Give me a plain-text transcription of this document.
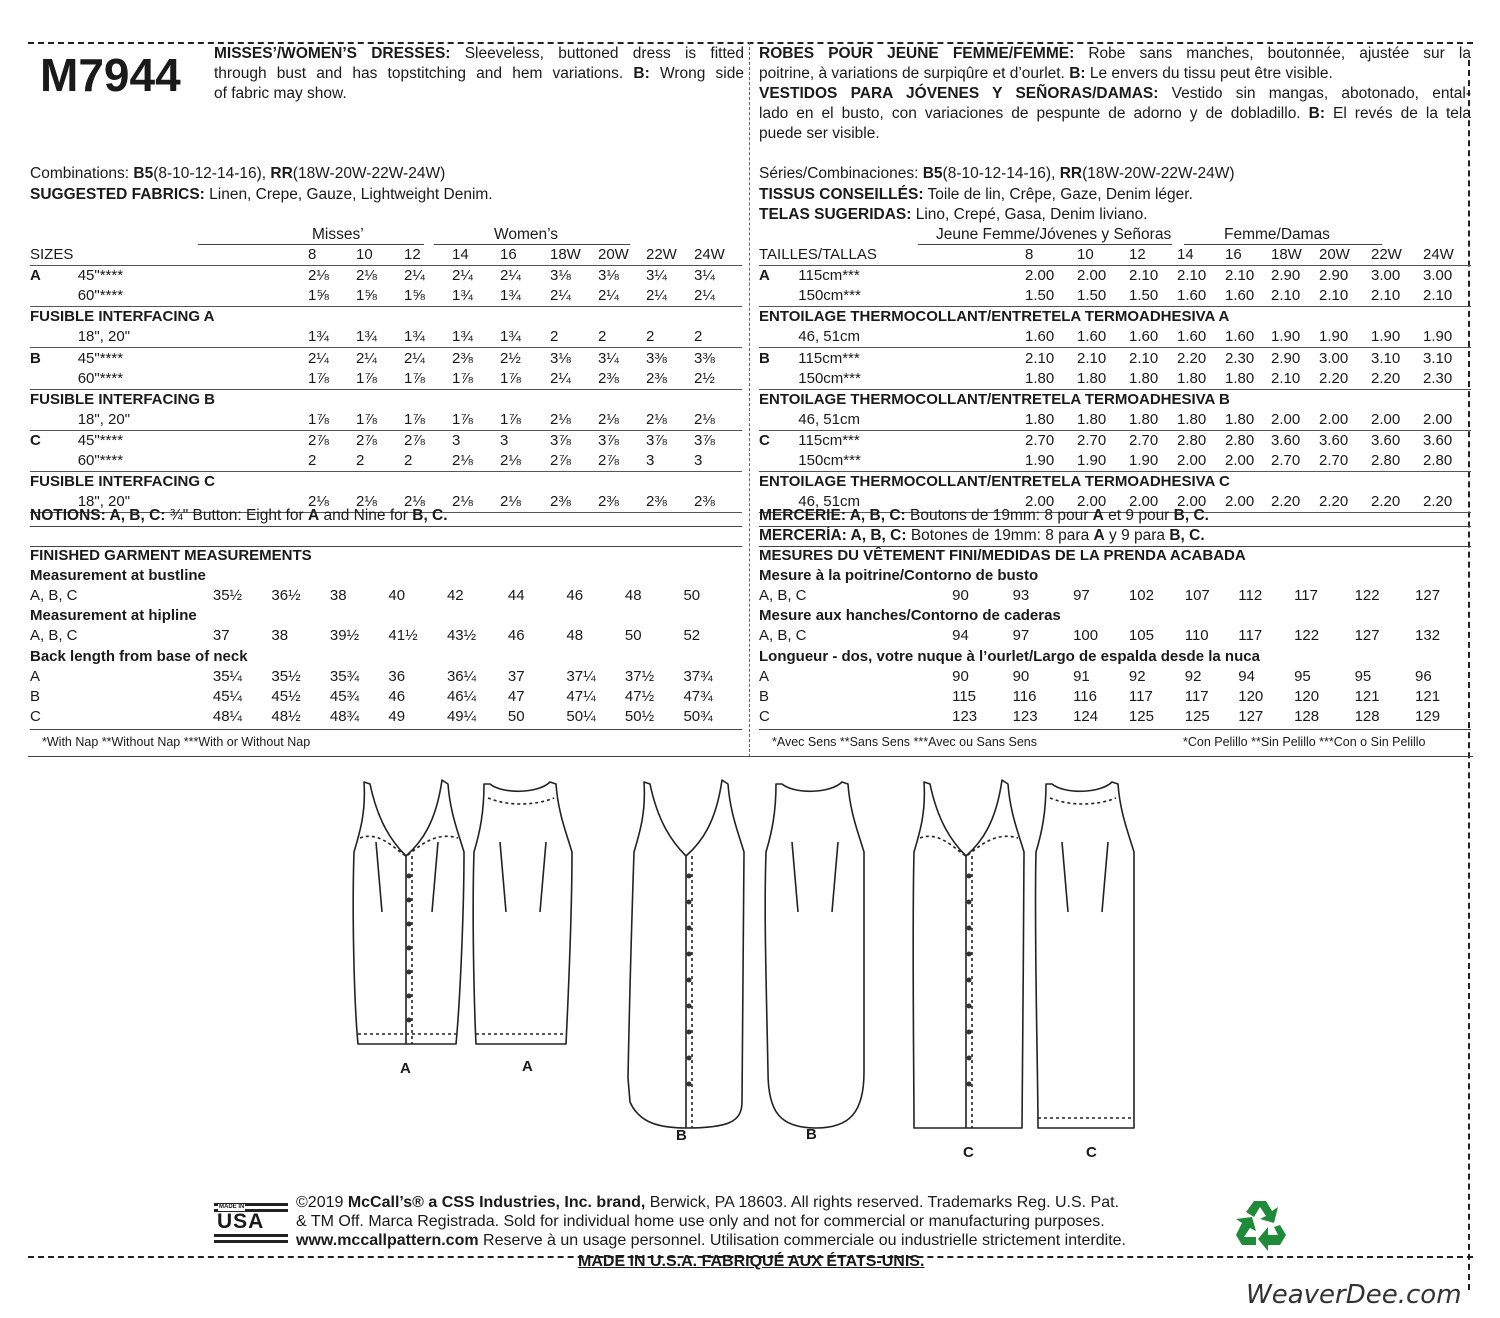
M7944 MISSES’/WOMEN’S DRESSES: Sleeveless, buttoned dress is fitted
through bust and has topstitching and hem variations. B: Wrong side
of fabric may show.
ROBES POUR JEUNE FEMME/FEMME: Robe sans manches, boutonnée, ajustée sur la
poitrine, à variations de surpiqûre et d’ourlet. B: Le envers du tissu peut être visible.
VESTIDOS PARA JÓVENES Y SEÑORAS/DAMAS: Vestido sin mangas, abotonado, ental-
lado en el busto, con variaciones de pespunte de adorno y de dobladillo. B: El revés de la tela
puede ser visible.
Combinations: B5(8-10-12-14-16), RR(18W-20W-22W-24W)
SUGGESTED FABRICS: Linen, Crepe, Gauze, Lightweight Denim.
Misses’	Women’s
SIZES		8	10	12	14	16	18W	20W	22W	24W
A	45"****	2⅛	2⅛	2¼	2¼	2¼	3⅛	3⅛	3¼	3¼
	60"****	1⅝	1⅝	1⅝	1¾	1¾	2¼	2¼	2¼	2¼
FUSIBLE INTERFACING A										
	18", 20"	1¾	1¾	1¾	1¾	1¾	2	2	2	2
B	45"****	2¼	2¼	2¼	2⅜	2½	3⅛	3¼	3⅜	3⅜
	60"****	1⅞	1⅞	1⅞	1⅞	1⅞	2¼	2⅜	2⅜	2½
FUSIBLE INTERFACING B										
	18", 20"	1⅞	1⅞	1⅞	1⅞	1⅞	2⅛	2⅛	2⅛	2⅛
C	45"****	2⅞	2⅞	2⅞	3	3	3⅞	3⅞	3⅞	3⅞
	60"****	2	2	2	2⅛	2⅛	2⅞	2⅞	3	3
FUSIBLE INTERFACING C										
	18", 20"	2⅛	2⅛	2⅛	2⅛	2⅛	2⅜	2⅜	2⅜	2⅜
NOTIONS: A, B, C: ¾" Button: Eight for A and Nine for B, C.
FINISHED GARMENT MEASUREMENTS									
Measurement at bustline									
A, B, C	35½	36½	38	40	42	44	46	48	50
Measurement at hipline									
A, B, C	37	38	39½	41½	43½	46	48	50	52
Back length from base of neck									
A	35¼	35½	35¾	36	36¼	37	37¼	37½	37¾
B	45¼	45½	45¾	46	46¼	47	47¼	47½	47¾
C	48¼	48½	48¾	49	49¼	50	50¼	50½	50¾
*With Nap **Without Nap ***With or Without Nap
Séries/Combinaciones: B5(8-10-12-14-16), RR(18W-20W-22W-24W)
TISSUS CONSEILLÉS: Toile de lin, Crêpe, Gaze, Denim léger.
TELAS SUGERIDAS: Lino, Crepé, Gasa, Denim liviano.
Jeune Femme/Jóvenes y Señoras	Femme/Damas
TAILLES/TALLAS		8	10	12	14	16	18W	20W	22W	24W
A	115cm***	2.00	2.00	2.10	2.10	2.10	2.90	2.90	3.00	3.00
	150cm***	1.50	1.50	1.50	1.60	1.60	2.10	2.10	2.10	2.10
ENTOILAGE THERMOCOLLANT/ENTRETELA TERMOADHESIVA A										
	46, 51cm	1.60	1.60	1.60	1.60	1.60	1.90	1.90	1.90	1.90
B	115cm***	2.10	2.10	2.10	2.20	2.30	2.90	3.00	3.10	3.10
	150cm***	1.80	1.80	1.80	1.80	1.80	2.10	2.20	2.20	2.30
ENTOILAGE THERMOCOLLANT/ENTRETELA TERMOADHESIVA B										
	46, 51cm	1.80	1.80	1.80	1.80	1.80	2.00	2.00	2.00	2.00
C	115cm***	2.70	2.70	2.70	2.80	2.80	3.60	3.60	3.60	3.60
	150cm***	1.90	1.90	1.90	2.00	2.00	2.70	2.70	2.80	2.80
ENTOILAGE THERMOCOLLANT/ENTRETELA TERMOADHESIVA C										
	46, 51cm	2.00	2.00	2.00	2.00	2.00	2.20	2.20	2.20	2.20
MERCERIE: A, B, C: Boutons de 19mm: 8 pour A et 9 pour B, C.
MERCERÍA: A, B, C: Botones de 19mm: 8 para A y 9 para B, C.
MESURES DU VÊTEMENT FINI/MEDIDAS DE LA PRENDA ACABADA									
Mesure à la poitrine/Contorno de busto									
A, B, C	90	93	97	102	107	112	117	122	127
Mesure aux hanches/Contorno de caderas									
A, B, C	94	97	100	105	110	117	122	127	132
Longueur - dos, votre nuque à l’ourlet/Largo de espalda desde la nuca									
A	90	90	91	92	92	94	95	95	96
B	115	116	116	117	117	120	120	121	121
C	123	123	124	125	125	127	128	128	129
*Avec Sens **Sans Sens ***Avec ou Sans Sens	*Con Pelillo **Sin Pelillo ***Con o Sin Pelillo
A	A
B	B
C	C
MADE IN
USA
©2019 McCall’s® a CSS Industries, Inc. brand, Berwick, PA 18603. All rights reserved. Trademarks Reg. U.S. Pat.
& TM Off. Marca Registrada. Sold for individual home use only and not for commercial or manufacturing purposes.
www.mccallpattern.com Reserve à un usage personnel. Utilisation commerciale ou industrielle strictement interdite.
MADE IN U.S.A. FABRIQUÉ AUX ÉTATS-UNIS.
WeaverDee.com
